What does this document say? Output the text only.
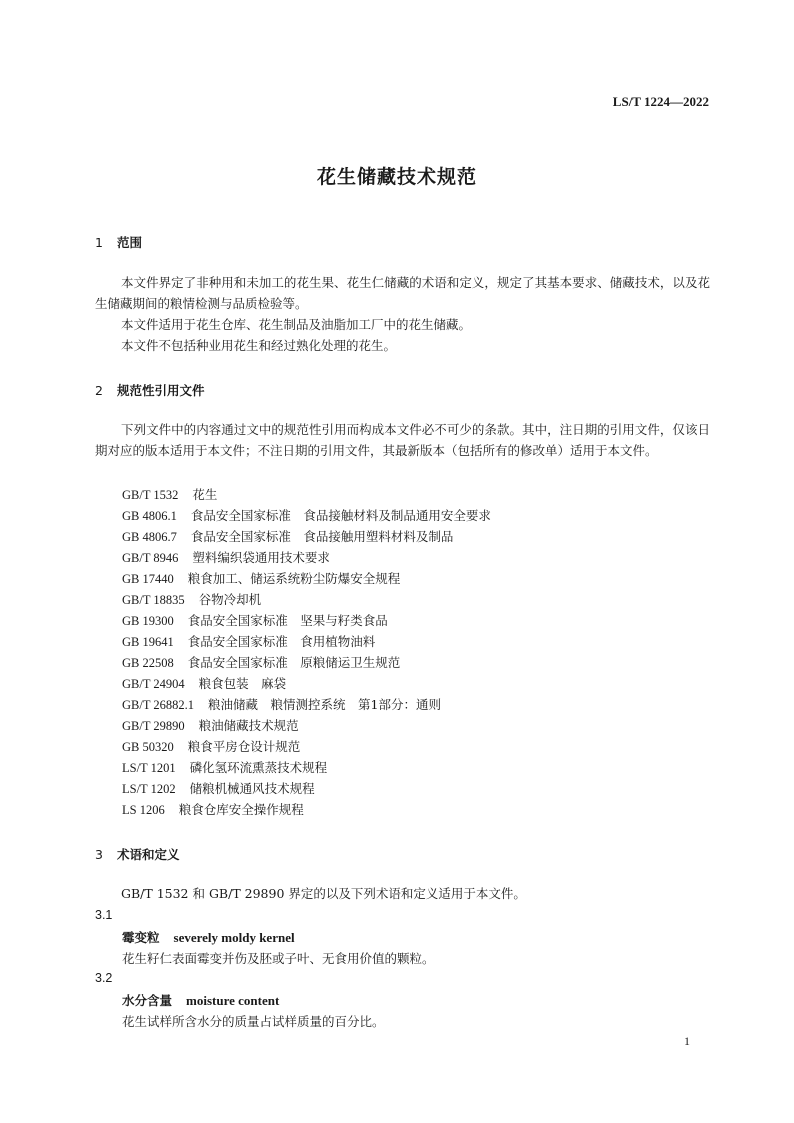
LS/T 1224—2022
花生储藏技术规范
1 范围
本文件界定了非种用和未加工的花生果、花生仁储藏的术语和定义，规定了其基本要求、储藏技术，以及花生储藏期间的粮情检测与品质检验等。
本文件适用于花生仓库、花生制品及油脂加工厂中的花生储藏。
本文件不包括种业用花生和经过熟化处理的花生。
2 规范性引用文件
下列文件中的内容通过文中的规范性引用而构成本文件必不可少的条款。其中，注日期的引用文件，仅该日期对应的版本适用于本文件；不注日期的引用文件，其最新版本（包括所有的修改单）适用于本文件。
GB/T 1532 花生
GB 4806.1 食品安全国家标准　食品接触材料及制品通用安全要求
GB 4806.7 食品安全国家标准　食品接触用塑料材料及制品
GB/T 8946 塑料编织袋通用技术要求
GB 17440 粮食加工、储运系统粉尘防爆安全规程
GB/T 18835 谷物冷却机
GB 19300 食品安全国家标准　坚果与籽类食品
GB 19641 食品安全国家标准　食用植物油料
GB 22508 食品安全国家标准　原粮储运卫生规范
GB/T 24904 粮食包装　麻袋
GB/T 26882.1 粮油储藏　粮情测控系统　第1部分：通则
GB/T 29890 粮油储藏技术规范
GB 50320 粮食平房仓设计规范
LS/T 1201 磷化氢环流熏蒸技术规程
LS/T 1202 储粮机械通风技术规程
LS 1206 粮食仓库安全操作规程
3 术语和定义
GB/T 1532 和 GB/T 29890 界定的以及下列术语和定义适用于本文件。
3.1
霉变粒 severely moldy kernel
花生籽仁表面霉变并伤及胚或子叶、无食用价值的颗粒。
3.2
水分含量 moisture content
花生试样所含水分的质量占试样质量的百分比。
1
